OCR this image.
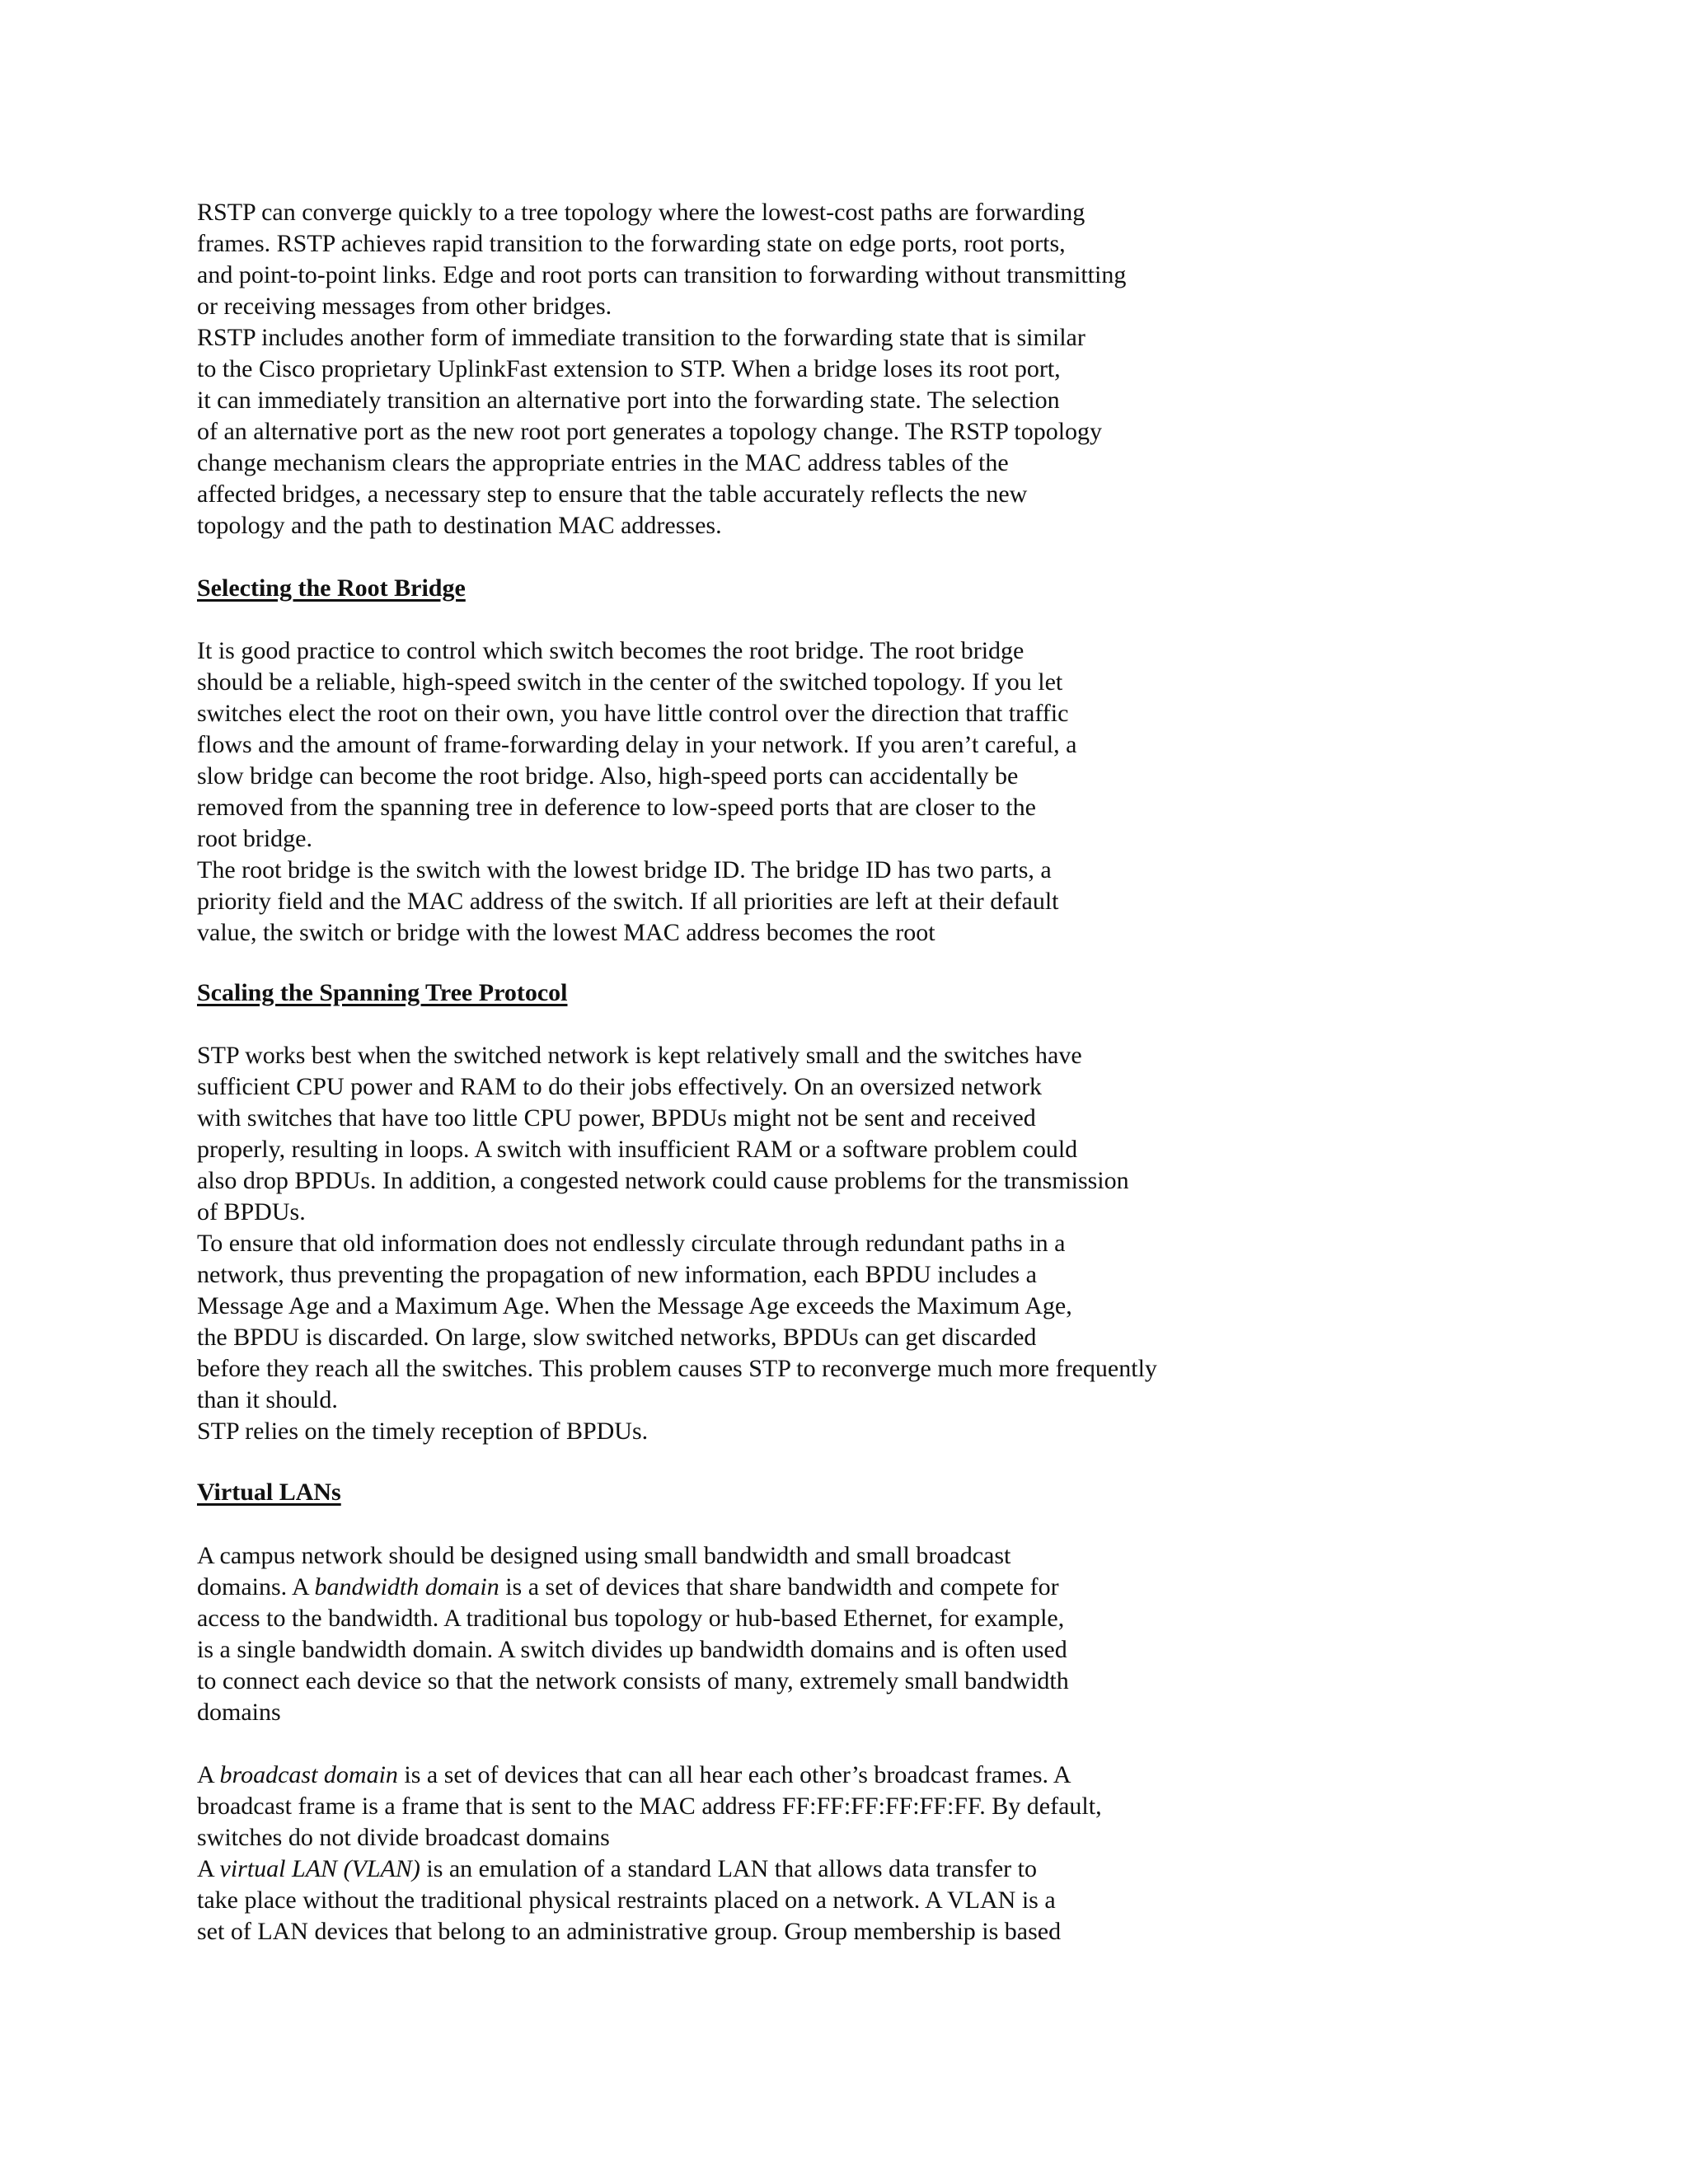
RSTP can converge quickly to a tree topology where the lowest-cost paths are forwarding
frames. RSTP achieves rapid transition to the forwarding state on edge ports, root ports,
and point-to-point links. Edge and root ports can transition to forwarding without transmitting
or receiving messages from other bridges.
RSTP includes another form of immediate transition to the forwarding state that is similar
to the Cisco proprietary UplinkFast extension to STP. When a bridge loses its root port,
it can immediately transition an alternative port into the forwarding state. The selection
of an alternative port as the new root port generates a topology change. The RSTP topology
change mechanism clears the appropriate entries in the MAC address tables of the
affected bridges, a necessary step to ensure that the table accurately reflects the new
topology and the path to destination MAC addresses.
Selecting the Root Bridge
It is good practice to control which switch becomes the root bridge. The root bridge
should be a reliable, high-speed switch in the center of the switched topology. If you let
switches elect the root on their own, you have little control over the direction that traffic
flows and the amount of frame-forwarding delay in your network. If you aren’t careful, a
slow bridge can become the root bridge. Also, high-speed ports can accidentally be
removed from the spanning tree in deference to low-speed ports that are closer to the
root bridge.
The root bridge is the switch with the lowest bridge ID. The bridge ID has two parts, a
priority field and the MAC address of the switch. If all priorities are left at their default
value, the switch or bridge with the lowest MAC address becomes the root
Scaling the Spanning Tree Protocol
STP works best when the switched network is kept relatively small and the switches have
sufficient CPU power and RAM to do their jobs effectively. On an oversized network
with switches that have too little CPU power, BPDUs might not be sent and received
properly, resulting in loops. A switch with insufficient RAM or a software problem could
also drop BPDUs. In addition, a congested network could cause problems for the transmission
of BPDUs.
To ensure that old information does not endlessly circulate through redundant paths in a
network, thus preventing the propagation of new information, each BPDU includes a
Message Age and a Maximum Age. When the Message Age exceeds the Maximum Age,
the BPDU is discarded. On large, slow switched networks, BPDUs can get discarded
before they reach all the switches. This problem causes STP to reconverge much more frequently
than it should.
STP relies on the timely reception of BPDUs.
Virtual LANs
A campus network should be designed using small bandwidth and small broadcast
domains. A bandwidth domain is a set of devices that share bandwidth and compete for
access to the bandwidth. A traditional bus topology or hub-based Ethernet, for example,
is a single bandwidth domain. A switch divides up bandwidth domains and is often used
to connect each device so that the network consists of many, extremely small bandwidth
domains
A broadcast domain is a set of devices that can all hear each other’s broadcast frames. A
broadcast frame is a frame that is sent to the MAC address FF:FF:FF:FF:FF:FF. By default,
switches do not divide broadcast domains
A virtual LAN (VLAN) is an emulation of a standard LAN that allows data transfer to
take place without the traditional physical restraints placed on a network. A VLAN is a
set of LAN devices that belong to an administrative group. Group membership is based
